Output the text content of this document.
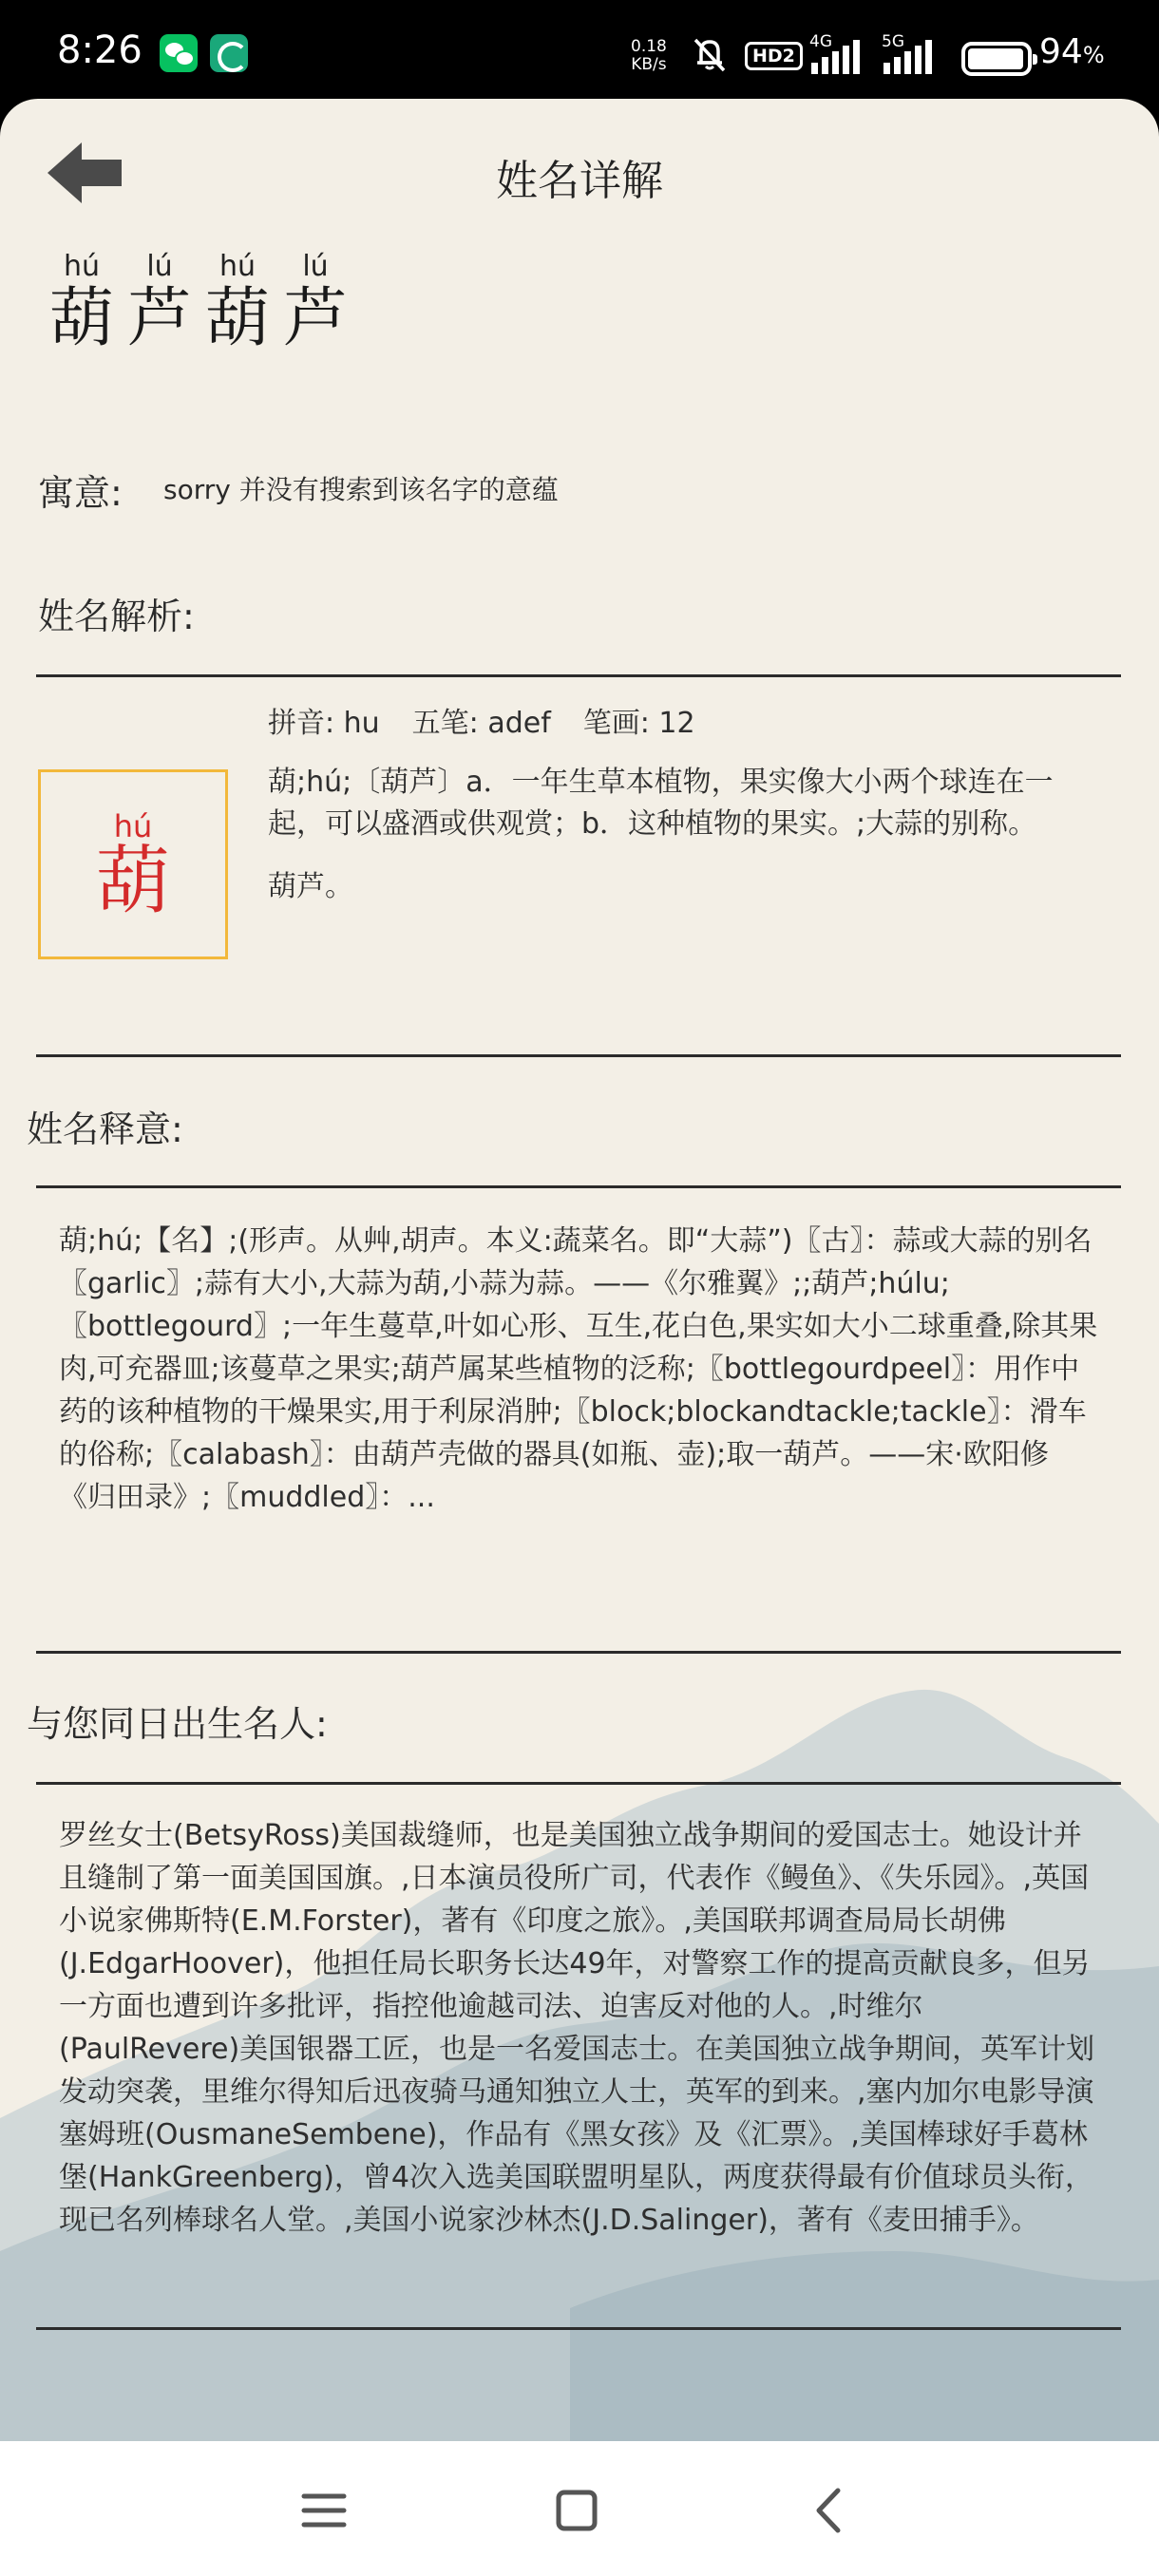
8:26	0.18
KB/s	HD2
4G	5G	94%
姓名详解
hú
葫
lú
芦
hú
葫
lú
芦
寓意: sorry 并没有搜索到该名字的意蕴
姓名解析:
hú
葫
拼音: hu 五笔: adef 笔画: 12
葫;hú;〔葫芦〕a．一年生草本植物，果实像大小两个球连在一起，可以盛酒或供观赏；b．这种植物的果实。;大蒜的别称。
葫芦。
姓名释意:
葫;hú;【名】;(形声。从艸,胡声。本义:蔬菜名。即“大蒜”)〖古〗：蒜或大蒜的别名〖garlic〗;蒜有大小,大蒜为葫,小蒜为蒜。——《尔雅翼》;;葫芦;húlu;〖bottlegourd〗;一年生蔓草,叶如心形、互生,花白色,果实如大小二球重叠,除其果肉,可充器皿;该蔓草之果实;葫芦属某些植物的泛称;〖bottlegourdpeel〗：用作中药的该种植物的干燥果实,用于利尿消肿;〖block;blockandtackle;tackle〗：滑车的俗称;〖calabash〗：由葫芦壳做的器具(如瓶、壶);取一葫芦。——宋·欧阳修《归田录》;〖muddled〗：...
与您同日出生名人:
罗丝女士(BetsyRoss)美国裁缝师，也是美国独立战争期间的爱国志士。她设计并且缝制了第一面美国国旗。,日本演员役所广司，代表作《鳗鱼》、《失乐园》。,英国小说家佛斯特(E.M.Forster)，著有《印度之旅》。,美国联邦调查局局长胡佛(J.EdgarHoover)，他担任局长职务长达49年，对警察工作的提高贡献良多，但另一方面也遭到许多批评，指控他逾越司法、迫害反对他的人。,时维尔(PaulRevere)美国银器工匠，也是一名爱国志士。在美国独立战争期间，英军计划发动突袭，里维尔得知后迅夜骑马通知独立人士，英军的到来。,塞内加尔电影导演塞姆班(OusmaneSembene)，作品有《黑女孩》及《汇票》。,美国棒球好手葛林堡(HankGreenberg)，曾4次入选美国联盟明星队，两度获得最有价值球员头衔，现已名列棒球名人堂。,美国小说家沙林杰(J.D.Salinger)，著有《麦田捕手》。
